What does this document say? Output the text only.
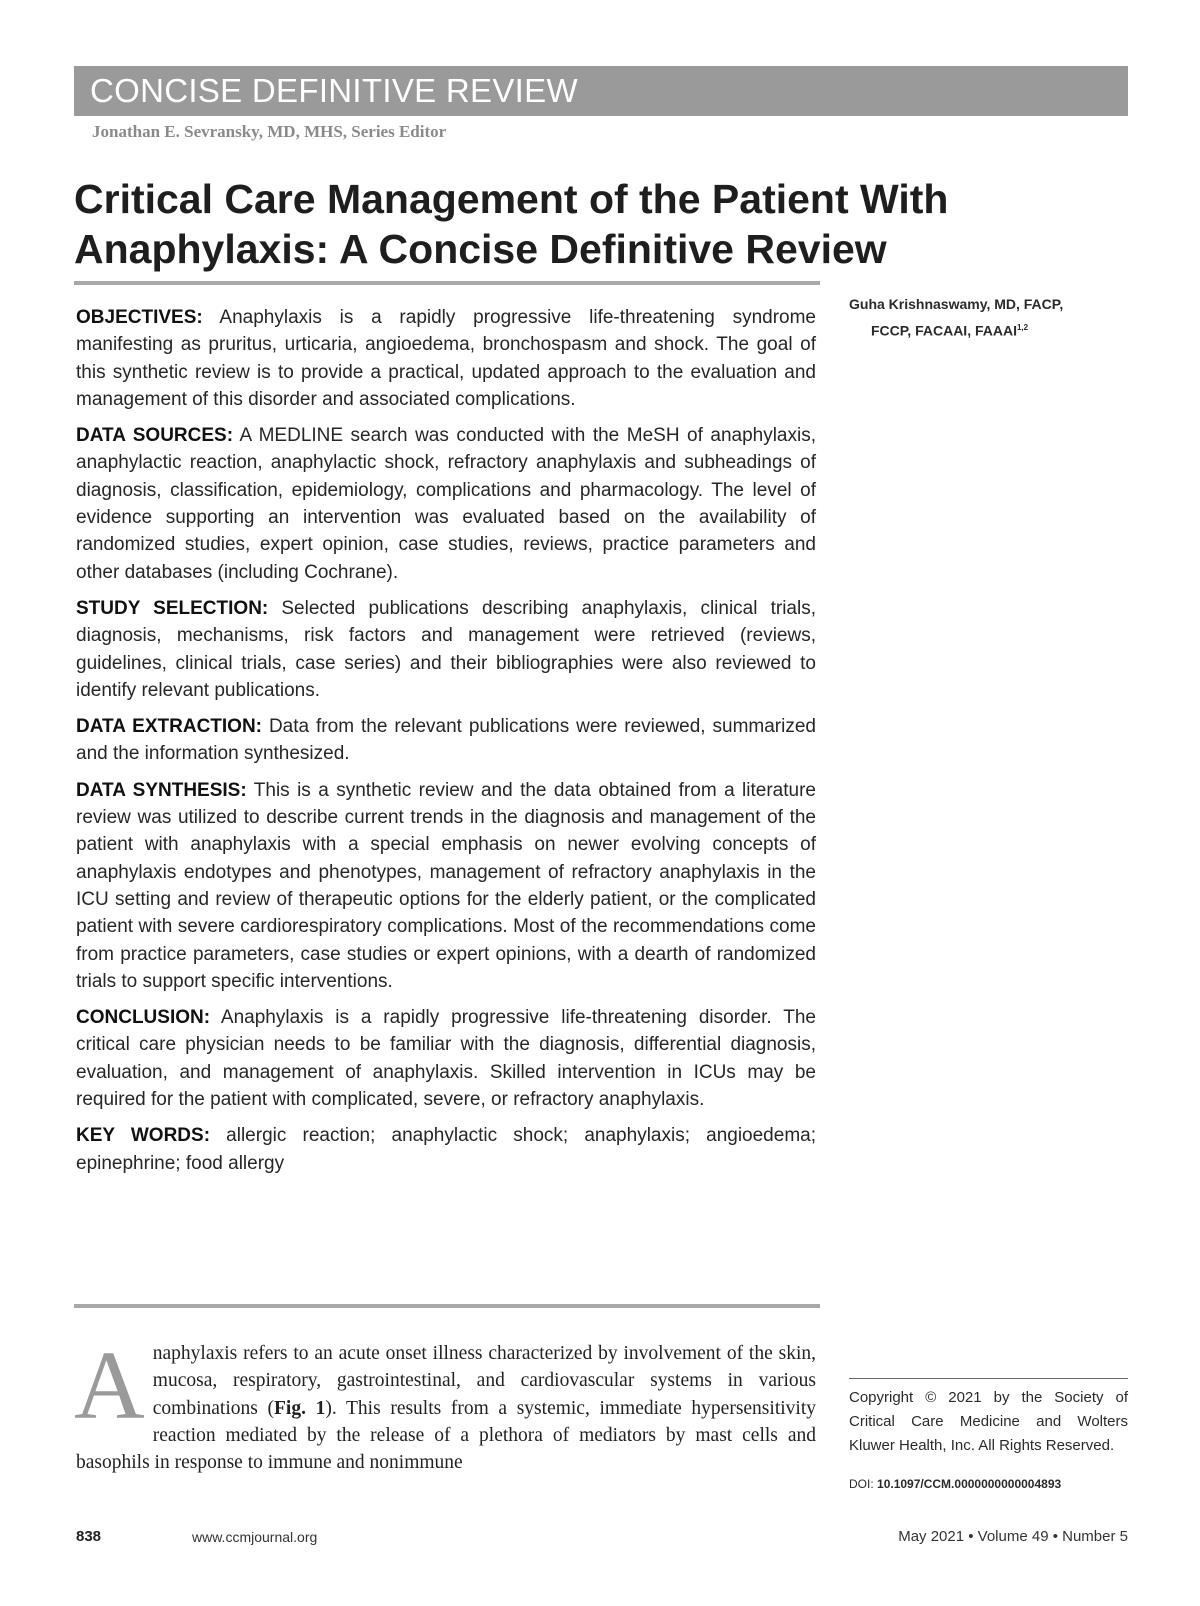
CONCISE DEFINITIVE REVIEW
Jonathan E. Sevransky, MD, MHS, Series Editor
Critical Care Management of the Patient With Anaphylaxis: A Concise Definitive Review
Guha Krishnaswamy, MD, FACP,
FCCP, FACAAI, FAAAI$^{1,2}$

OBJECTIVES: Anaphylaxis is a rapidly progressive life-threatening syndrome manifesting as pruritus, urticaria, angioedema, bronchospasm and shock. The goal of this synthetic review is to provide a practical, updated approach to the evaluation and management of this disorder and associated complications.

DATA SOURCES: A MEDLINE search was conducted with the MeSH of anaphylaxis, anaphylactic reaction, anaphylactic shock, refractory anaphylaxis and subheadings of diagnosis, classification, epidemiology, complications and pharmacology. The level of evidence supporting an intervention was evaluated based on the availability of randomized studies, expert opinion, case studies, reviews, practice parameters and other databases (including Cochrane).

STUDY SELECTION: Selected publications describing anaphylaxis, clinical trials, diagnosis, mechanisms, risk factors and management were retrieved (reviews, guidelines, clinical trials, case series) and their bibliographies were also reviewed to identify relevant publications.

DATA EXTRACTION: Data from the relevant publications were reviewed, summarized and the information synthesized.

DATA SYNTHESIS: This is a synthetic review and the data obtained from a literature review was utilized to describe current trends in the diagnosis and management of the patient with anaphylaxis with a special emphasis on newer evolving concepts of anaphylaxis endotypes and phenotypes, management of refractory anaphylaxis in the ICU setting and review of therapeutic options for the elderly patient, or the complicated patient with severe cardiorespiratory complications. Most of the recommendations come from practice parameters, case studies or expert opinions, with a dearth of randomized trials to support specific interventions.

CONCLUSION: Anaphylaxis is a rapidly progressive life-threatening disorder. The critical care physician needs to be familiar with the diagnosis, differential diagnosis, evaluation, and management of anaphylaxis. Skilled intervention in ICUs may be required for the patient with complicated, severe, or refractory anaphylaxis.

KEY WORDS: allergic reaction; anaphylactic shock; anaphylaxis; angioedema; epinephrine; food allergy

Anaphylaxis refers to an acute onset illness characterized by involvement of the skin, mucosa, respiratory, gastrointestinal, and cardiovascular systems in various combinations (Fig. 1). This results from a systemic, immediate hypersensitivity reaction mediated by the release of a plethora of mediators by mast cells and basophils in response to immune and nonimmune
Copyright © 2021 by the Society of Critical Care Medicine and Wolters Kluwer Health, Inc. All Rights Reserved.
DOI: 10.1097/CCM.0000000000004893
838	www.ccmjournal.org	May 2021 • Volume 49 • Number 5
